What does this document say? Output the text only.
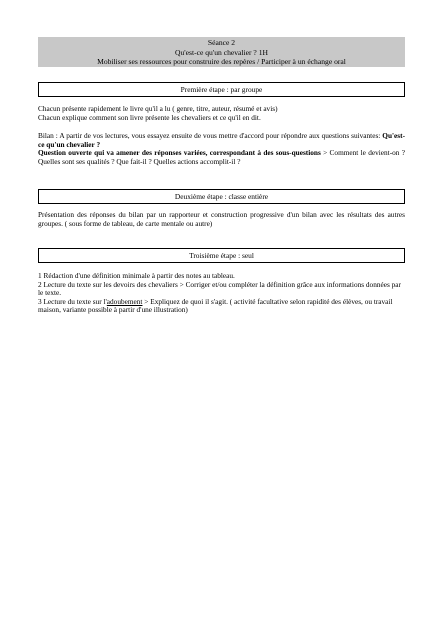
Séance 2
Qu'est-ce qu'un chevalier ? 1H
Mobiliser ses ressources pour construire des repères / Participer à un échange oral
Première étape : par groupe

Chacun présente rapidement le livre qu'il a lu ( genre, titre, auteur, résumé et avis)

Chacun explique comment son livre présente les chevaliers et ce qu'il en dit.

Bilan : A partir de vos lectures, vous essayez ensuite de vous mettre d'accord pour répondre aux questions suivantes: Qu'est-ce qu'un chevalier ?

Question ouverte qui va amener des réponses variées, correspondant à des sous-questions > Comment le devient-on ? Quelles sont ses qualités ? Que fait-il ? Quelles actions accomplit-il ?

Deuxième étape : classe entière

Présentation des réponses du bilan par un rapporteur et construction progressive d'un bilan avec les résultats des autres groupes. ( sous forme de tableau, de carte mentale ou autre)

Troisième étape : seul

1 Rédaction d'une définition minimale à partir des notes au tableau.

2 Lecture du texte sur les devoirs des chevaliers > Corriger et/ou compléter la définition grâce aux informations données par le texte.

3 Lecture du texte sur l'adoubement > Expliquez de quoi il s'agit. ( activité facultative selon rapidité des élèves, ou travail maison, variante possible à partir d'une illustration)
